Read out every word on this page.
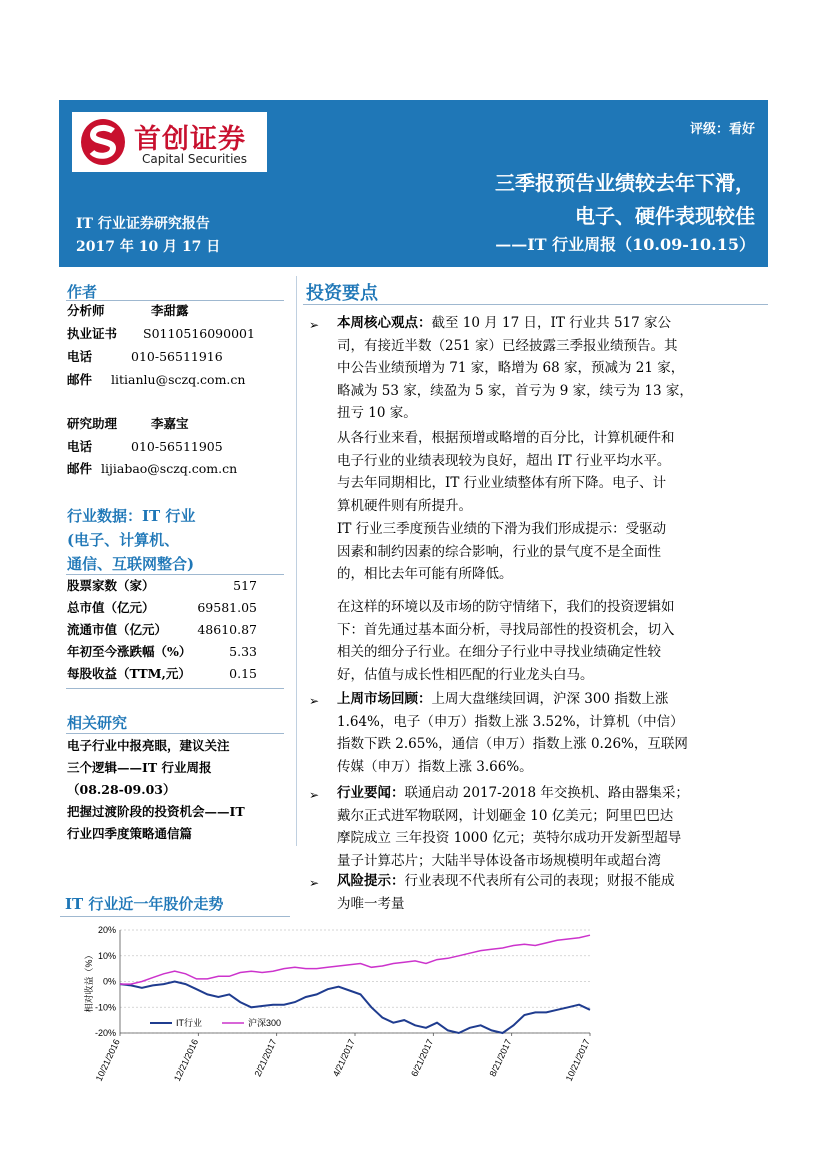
首创证券
Capital Securities
评级：看好
三季报预告业绩较去年下滑，
电子、硬件表现较佳
——IT 行业周报（10.09-10.15）
IT 行业证券研究报告
2017 年 10 月 17 日
作者
分析师	李甜露
执业证书 S0110516090001
电话	010-56511916
邮件 litianlu@sczq.com.cn
研究助理	李嘉宝
电话	010-56511905
邮件 lijiabao@sczq.com.cn
行业数据：IT 行业
(电子、计算机、
通信、互联网整合)
股票家数（家）	517
总市值（亿元）	69581.05
流通市值（亿元） 48610.87
年初至今涨跌幅（%）	5.33
每股收益（TTM,元）	0.15
相关研究
电子行业中报亮眼，建议关注
三个逻辑——IT 行业周报
（08.28-09.03）
把握过渡阶段的投资机会——IT
行业四季度策略通信篇
投资要点
➢ 本周核心观点：截至 10 月 17 日，IT 行业共 517 家公
司，有接近半数（251 家）已经披露三季报业绩预告。其
中公告业绩预增为 71 家，略增为 68 家，预减为 21 家，
略减为 53 家，续盈为 5 家，首亏为 9 家，续亏为 13 家，
扭亏 10 家。
从各行业来看，根据预增或略增的百分比，计算机硬件和
电子行业的业绩表现较为良好，超出 IT 行业平均水平。
与去年同期相比，IT 行业业绩整体有所下降。电子、计
算机硬件则有所提升。
IT 行业三季度预告业绩的下滑为我们形成提示：受驱动
因素和制约因素的综合影响，行业的景气度不是全面性
的，相比去年可能有所降低。
在这样的环境以及市场的防守情绪下，我们的投资逻辑如
下：首先通过基本面分析，寻找局部性的投资机会，切入
相关的细分子行业。在细分子行业中寻找业绩确定性较
好，估值与成长性相匹配的行业龙头白马。
➢ 上周市场回顾：上周大盘继续回调，沪深 300 指数上涨
1.64%，电子（申万）指数上涨 3.52%，计算机（中信）
指数下跌 2.65%，通信（申万）指数上涨 0.26%，互联网
传媒（申万）指数上涨 3.66%。
➢ 行业要闻：联通启动 2017-2018 年交换机、路由器集采；
戴尔正式进军物联网，计划砸金 10 亿美元；阿里巴巴达
摩院成立 三年投资 1000 亿元；英特尔成功开发新型超导
量子计算芯片；大陆半导体设备市场规模明年或超台湾
➢ 风险提示：行业表现不代表所有公司的表现；财报不能成
为唯一考量
IT 行业近一年股价走势
20%
10%
0%
-10%
-20%
相对收益（%）
10/21/2016	12/21/2016	2/21/2017	4/21/2017	6/21/2017	8/21/2017	10/21/2017
IT行业	沪深300
